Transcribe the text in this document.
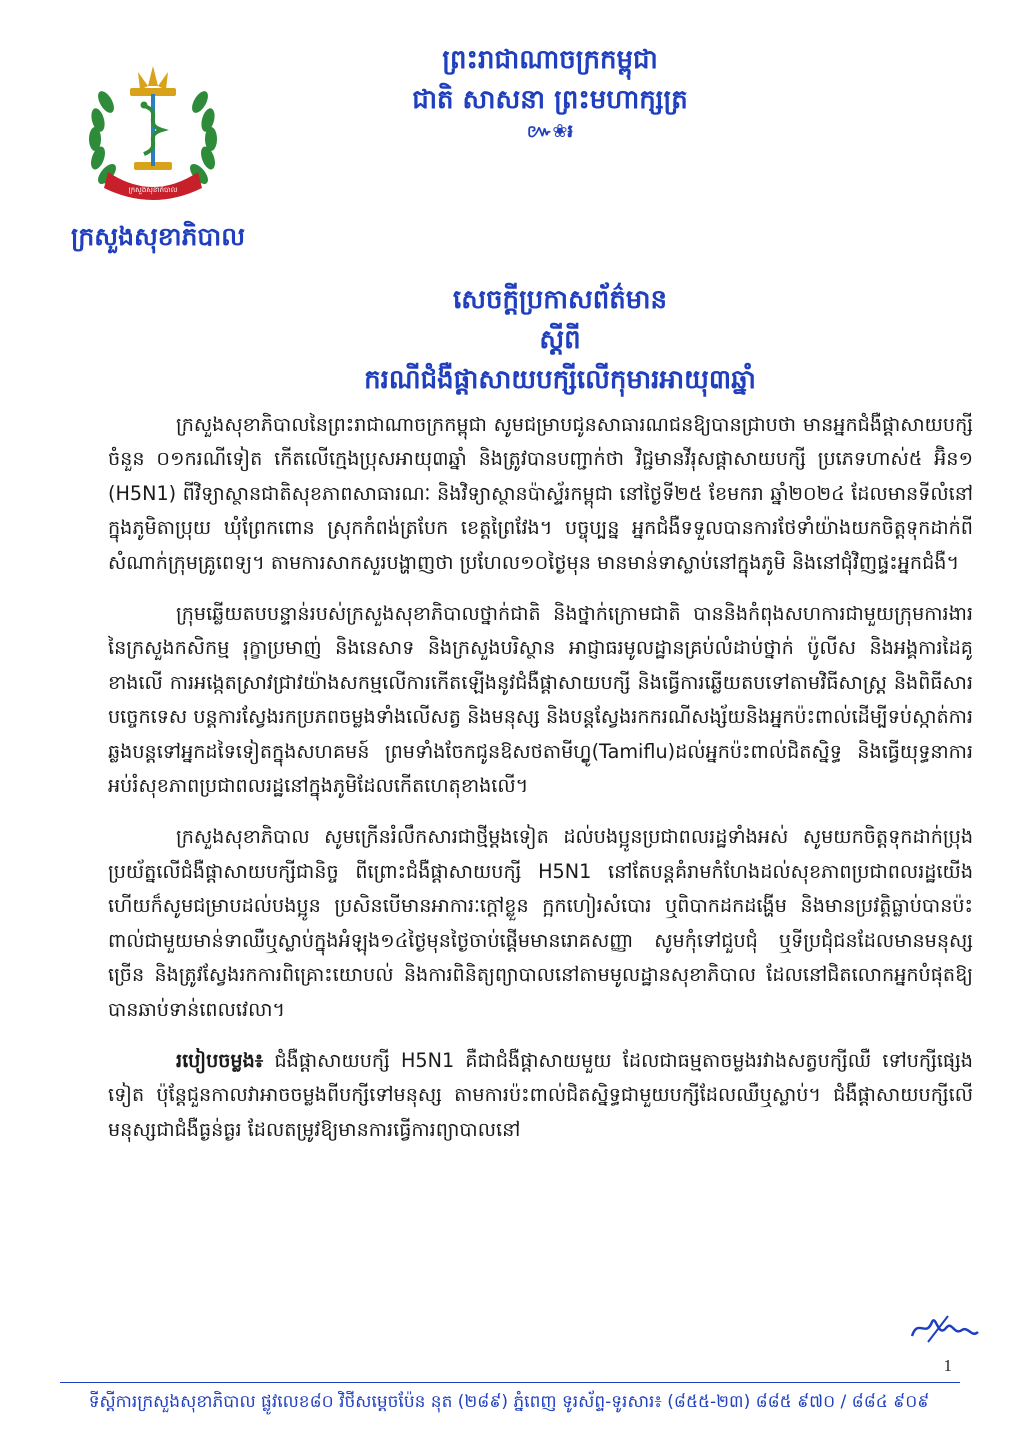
ក្រសួងសុខាភិបាល
ក្រសួងសុខាភិបាល
ព្រះរាជាណាចក្រកម្ពុជា
ជាតិ សាសនា ព្រះមហាក្សត្រ
៚❀៛
សេចក្តីប្រកាសព័ត៌មាន
ស្តីពី
ករណីជំងឺផ្តាសាយបក្សីលើកុមារអាយុ៣ឆ្នាំ

ក្រសួងសុខាភិបាលនៃព្រះរាជាណាចក្រកម្ពុជា សូមជម្រាបជូនសាធារណជនឱ្យបានជ្រាបថា មានអ្នកជំងឺផ្តាសាយបក្សី ចំនួន ០១ករណីទៀត កើតលើក្មេងប្រុសអាយុ៣ឆ្នាំ និងត្រូវបានបញ្ជាក់ថា វិជ្ជមានវីរុសផ្តាសាយបក្សី ប្រភេទហាស់៥ អ៊ិន១ (H5N1) ពីវិទ្យាស្ថានជាតិសុខភាពសាធារណៈ និងវិទ្យាស្ថានប៉ាស្ទ័រកម្ពុជា នៅថ្ងៃទី២៥ ខែមករា ឆ្នាំ២០២៤ ដែលមានទីលំនៅក្នុងភូមិតាប្រុយ ឃុំព្រែកពោន ស្រុកកំពង់ត្របែក ខេត្តព្រៃវែង។ បច្ចុប្បន្ន អ្នកជំងឺទទួលបានការថែទាំយ៉ាងយកចិត្តទុកដាក់ពីសំណាក់ក្រុមគ្រូពេទ្យ។ តាមការសាកសួរបង្ហាញថា ប្រហែល១០ថ្ងៃមុន មានមាន់ទាស្លាប់នៅក្នុងភូមិ និងនៅជុំវិញផ្ទះអ្នកជំងឺ។

ក្រុមឆ្លើយតបបន្ទាន់របស់ក្រសួងសុខាភិបាលថ្នាក់ជាតិ និងថ្នាក់ក្រោមជាតិ បាននិងកំពុងសហការជាមួយក្រុមការងារនៃក្រសួងកសិកម្ម រុក្ខាប្រមាញ់ និងនេសាទ និងក្រសួងបរិស្ថាន អាជ្ញាធរមូលដ្ឋានគ្រប់លំដាប់ថ្នាក់ ប៉ូលីស និងអង្គការដៃគូខាងលើ ការអង្កេតស្រាវជ្រាវយ៉ាងសកម្មលើការកើតឡើងនូវជំងឺផ្តាសាយបក្សី និងធ្វើការឆ្លើយតបទៅតាមវិធីសាស្ត្រ និងពិធីសារបច្ចេកទេស បន្តការស្វែងរកប្រភពចម្លងទាំងលើសត្វ និងមនុស្ស និងបន្តស្វែងរកករណីសង្ស័យនិងអ្នកប៉ះពាល់ដើម្បីទប់ស្កាត់ការឆ្លងបន្តទៅអ្នកដទៃទៀតក្នុងសហគមន៍ ព្រមទាំងចែកជូនឱសថតាមីហ្វ្លូ(Tamiflu)ដល់អ្នកប៉ះពាល់ជិតស្និទ្ធ និងធ្វើយុទ្ធនាការអប់រំសុខភាពប្រជាពលរដ្ឋនៅក្នុងភូមិដែលកើតហេតុខាងលើ។

ក្រសួងសុខាភិបាល សូមក្រើនរំលឹកសារជាថ្មីម្តងទៀត ដល់បងប្អូនប្រជាពលរដ្ឋទាំងអស់ សូមយកចិត្តទុកដាក់ប្រុងប្រយ័ត្នលើជំងឺផ្តាសាយបក្សីជានិច្ច ពីព្រោះជំងឺផ្តាសាយបក្សី H5N1 នៅតែបន្តគំរាមកំហែងដល់សុខភាពប្រជាពលរដ្ឋយើង ហើយក៏សូមជម្រាបដល់បងប្អូន ប្រសិនបើមានអាការៈក្តៅខ្លួន ក្អកហៀរសំបោរ ឬពិបាកដកដង្ហើម និងមានប្រវត្តិធ្លាប់បានប៉ះពាល់ជាមួយមាន់ទាឈឺឬស្លាប់ក្នុងអំឡុង១៤ថ្ងៃមុនថ្ងៃចាប់ផ្តើមមានរោគសញ្ញា សូមកុំទៅជួបជុំ ឬទីប្រជុំជនដែលមានមនុស្សច្រើន និងត្រូវស្វែងរកការពិគ្រោះយោបល់ និងការពិនិត្យព្យាបាលនៅតាមមូលដ្ឋានសុខាភិបាល ដែលនៅជិតលោកអ្នកបំផុតឱ្យបានឆាប់ទាន់ពេលវេលា។

របៀបចម្លង៖ ជំងឺផ្តាសាយបក្សី H5N1 គឺជាជំងឺផ្តាសាយមួយ ដែលជាធម្មតាចម្លងរវាងសត្វបក្សីឈឺ ទៅបក្សីផ្សេងទៀត ប៉ុន្តែជួនកាលវាអាចចម្លងពីបក្សីទៅមនុស្ស តាមការប៉ះពាល់ជិតស្និទ្ធជាមួយបក្សីដែលឈឺឬស្លាប់។ ជំងឺផ្តាសាយបក្សីលើមនុស្សជាជំងឺធ្ងន់ធ្ងរ ដែលតម្រូវឱ្យមានការធ្វើការព្យាបាលនៅ

1
ទីស្តីការក្រសួងសុខាភិបាល ផ្លូវលេខ៨០ វិថីសម្តេចប៉ែន នុត (២៨៩) ភ្នំពេញ ទូរស័ព្ទ-ទូរសារ៖ (៨៥៥-២៣) ៨៨៥ ៩៧០ / ៨៨៤ ៩០៩
